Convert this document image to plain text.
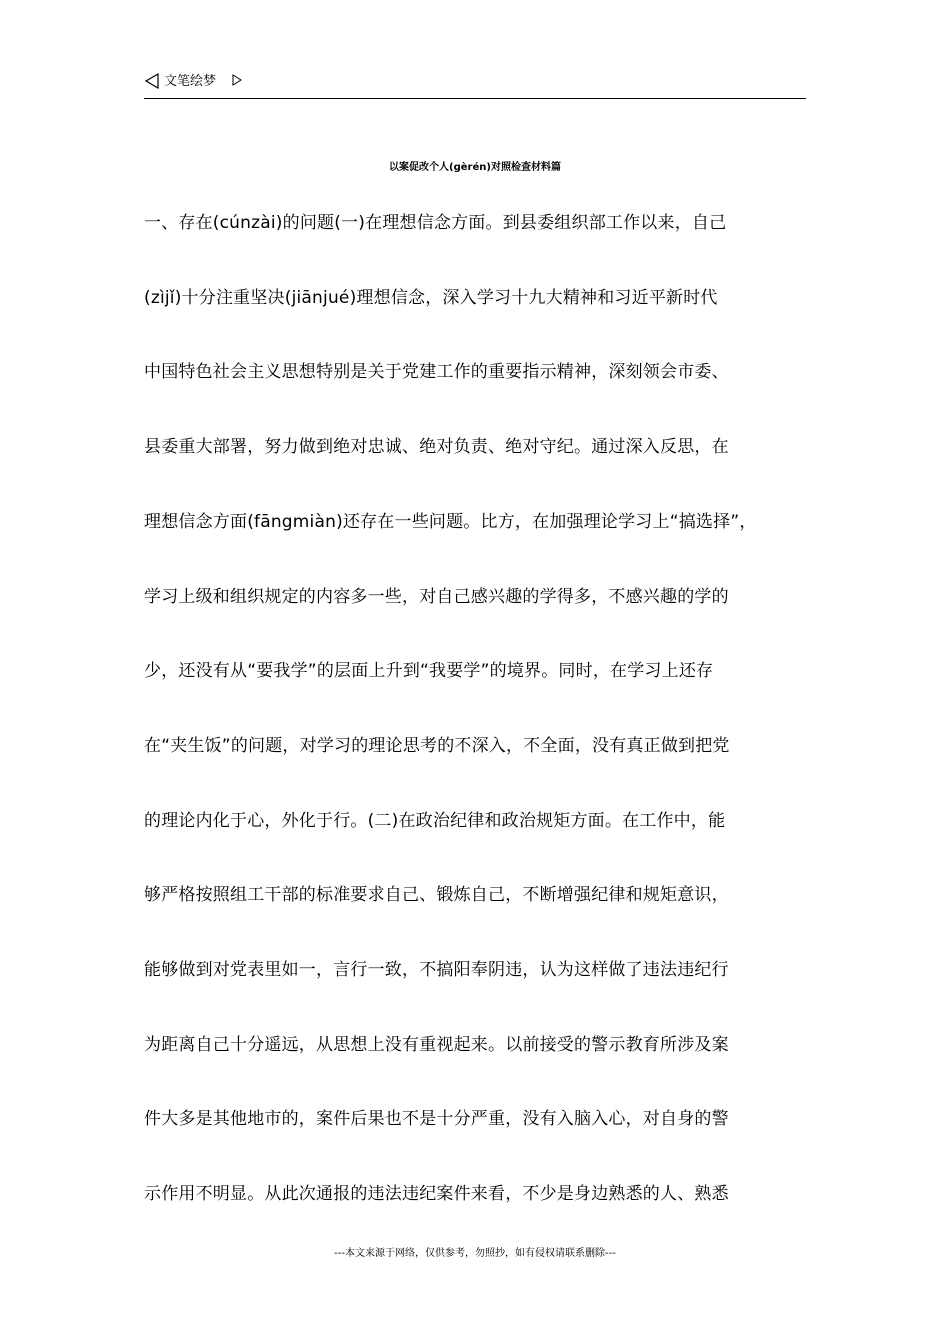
文笔绘梦
以案促改个人(gèrén)对照检查材料篇
一、存在(cúnzài)的问题(一)在理想信念方面。到县委组织部工作以来，自己
(zìjǐ)十分注重坚决(jiānjué)理想信念，深入学习十九大精神和习近平新时代
中国特色社会主义思想特别是关于党建工作的重要指示精神，深刻领会市委、
县委重大部署，努力做到绝对忠诚、绝对负责、绝对守纪。通过深入反思，在
理想信念方面(fāngmiàn)还存在一些问题。比方，在加强理论学习上“搞选择”，
学习上级和组织规定的内容多一些，对自己感兴趣的学得多，不感兴趣的学的
少，还没有从“要我学”的层面上升到“我要学”的境界。同时，在学习上还存
在“夹生饭”的问题，对学习的理论思考的不深入，不全面，没有真正做到把党
的理论内化于心，外化于行。(二)在政治纪律和政治规矩方面。在工作中，能
够严格按照组工干部的标准要求自己、锻炼自己，不断增强纪律和规矩意识，
能够做到对党表里如一，言行一致，不搞阳奉阴违，认为这样做了违法违纪行
为距离自己十分遥远，从思想上没有重视起来。以前接受的警示教育所涉及案
件大多是其他地市的，案件后果也不是十分严重，没有入脑入心，对自身的警
示作用不明显。从此次通报的违法违纪案件来看，不少是身边熟悉的人、熟悉
---本文来源于网络，仅供参考，勿照抄，如有侵权请联系删除---
